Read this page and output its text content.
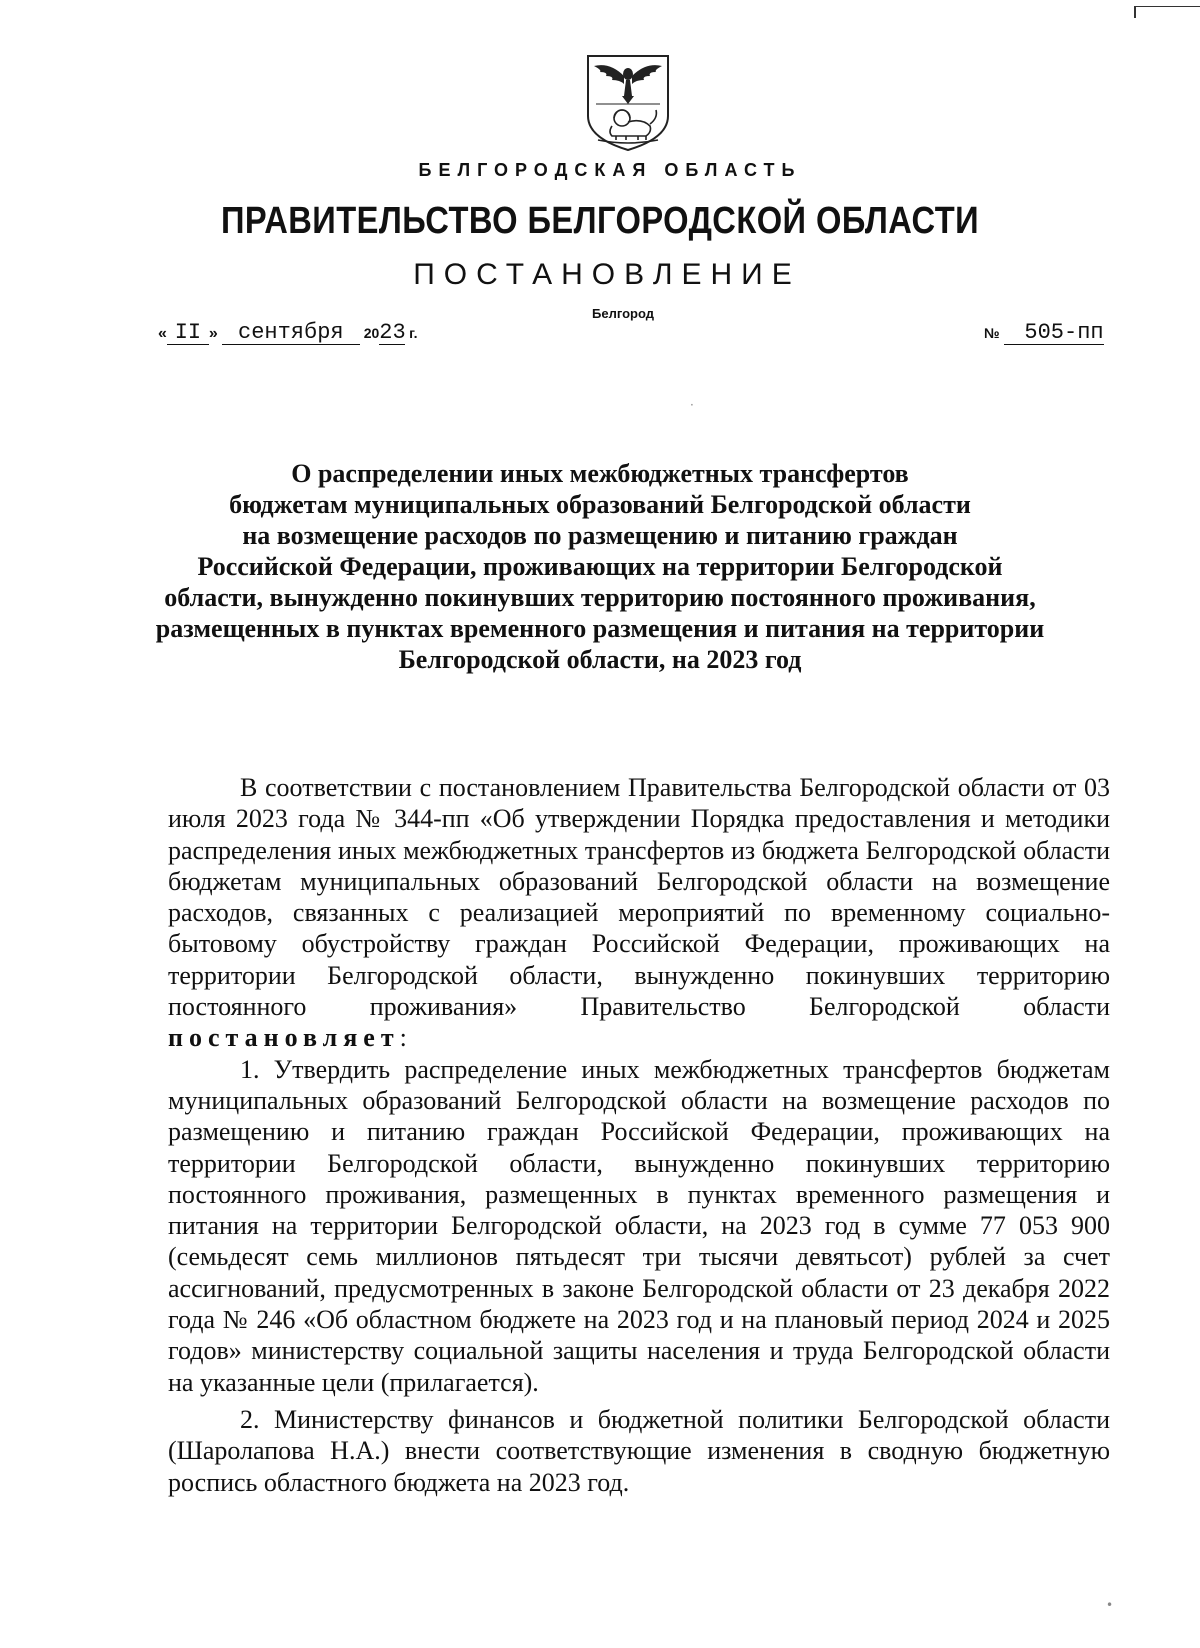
БЕЛГОРОДСКАЯ ОБЛАСТЬ
ПРАВИТЕЛЬСТВО БЕЛГОРОДСКОЙ ОБЛАСТИ
ПОСТАНОВЛЕНИЕ
Белгород
« II » сентября 2023 г.	№ 505-пп
·
О распределении иных межбюджетных трансфертов
бюджетам муниципальных образований Белгородской области
на возмещение расходов по размещению и питанию граждан
Российской Федерации, проживающих на территории Белгородской
области, вынужденно покинувших территорию постоянного проживания,
размещенных в пунктах временного размещения и питания на территории
Белгородской области, на 2023 год

В соответствии с постановлением Правительства Белгородской области от 03 июля 2023 года № 344-пп «Об утверждении Порядка предоставления и методики распределения иных межбюджетных трансфертов из бюджета Белгородской области бюджетам муниципальных образований Белгородской области на возмещение расходов, связанных с реализацией мероприятий по временному социально-бытовому обустройству граждан Российской Федерации, проживающих на территории Белгородской области, вынужденно покинувших территорию постоянного проживания» Правительство Белгородской области постановляет:

1. Утвердить распределение иных межбюджетных трансфертов бюджетам муниципальных образований Белгородской области на возмещение расходов по размещению и питанию граждан Российской Федерации, проживающих на территории Белгородской области, вынужденно покинувших территорию постоянного проживания, размещенных в пунктах временного размещения и питания на территории Белгородской области, на 2023 год в сумме 77 053 900 (семьдесят семь миллионов пятьдесят три тысячи девятьсот) рублей за счет ассигнований, предусмотренных в законе Белгородской области от 23 декабря 2022 года № 246 «Об областном бюджете на 2023 год и на плановый период 2024 и 2025 годов» министерству социальной защиты населения и труда Белгородской области на указанные цели (прилагается).

2. Министерству финансов и бюджетной политики Белгородской области (Шаролапова Н.А.) внести соответствующие изменения в сводную бюджетную роспись областного бюджета на 2023 год.

•
